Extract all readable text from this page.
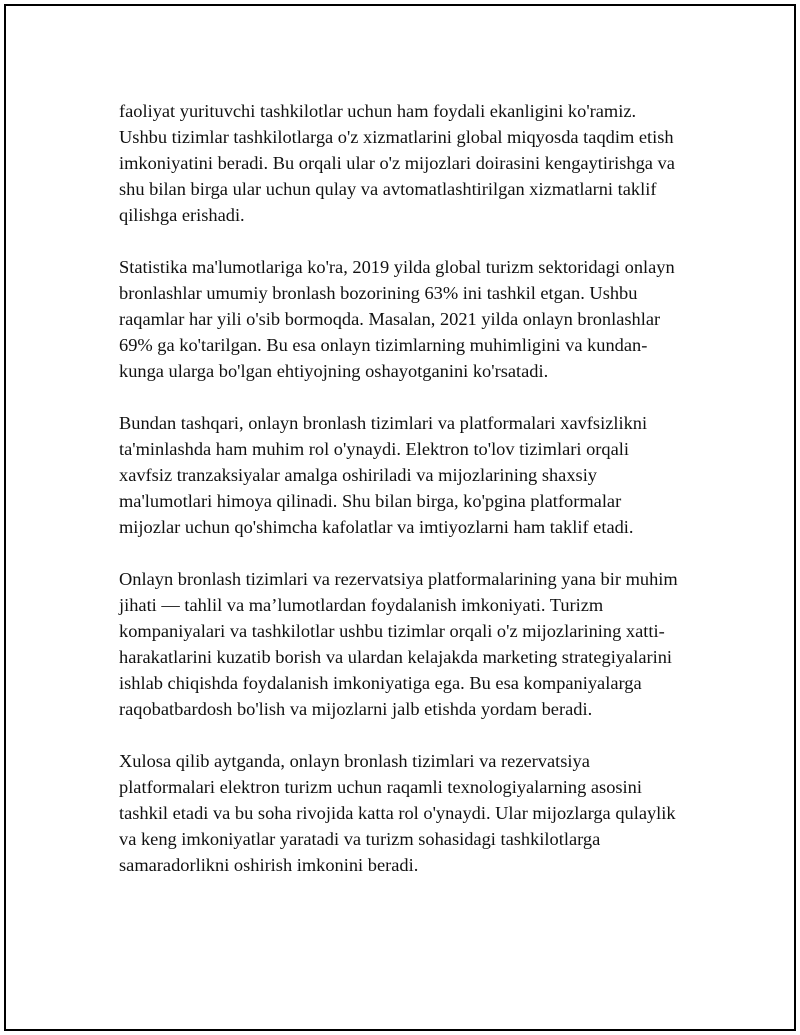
faoliyat yurituvchi tashkilotlar uchun ham foydali ekanligini ko'ramiz.
Ushbu tizimlar tashkilotlarga o'z xizmatlarini global miqyosda taqdim etish
imkoniyatini beradi. Bu orqali ular o'z mijozlari doirasini kengaytirishga va
shu bilan birga ular uchun qulay va avtomatlashtirilgan xizmatlarni taklif
qilishga erishadi.

Statistika ma'lumotlariga ko'ra, 2019 yilda global turizm sektoridagi onlayn
bronlashlar umumiy bronlash bozorining 63% ini tashkil etgan. Ushbu
raqamlar har yili o'sib bormoqda. Masalan, 2021 yilda onlayn bronlashlar
69% ga ko'tarilgan. Bu esa onlayn tizimlarning muhimligini va kundan-
kunga ularga bo'lgan ehtiyojning oshayotganini ko'rsatadi.

Bundan tashqari, onlayn bronlash tizimlari va platformalari xavfsizlikni
ta'minlashda ham muhim rol o'ynaydi. Elektron to'lov tizimlari orqali
xavfsiz tranzaksiyalar amalga oshiriladi va mijozlarining shaxsiy
ma'lumotlari himoya qilinadi. Shu bilan birga, ko'pgina platformalar
mijozlar uchun qo'shimcha kafolatlar va imtiyozlarni ham taklif etadi.

Onlayn bronlash tizimlari va rezervatsiya platformalarining yana bir muhim
jihati — tahlil va ma’lumotlardan foydalanish imkoniyati. Turizm
kompaniyalari va tashkilotlar ushbu tizimlar orqali o'z mijozlarining xatti-
harakatlarini kuzatib borish va ulardan kelajakda marketing strategiyalarini
ishlab chiqishda foydalanish imkoniyatiga ega. Bu esa kompaniyalarga
raqobatbardosh bo'lish va mijozlarni jalb etishda yordam beradi.

Xulosa qilib aytganda, onlayn bronlash tizimlari va rezervatsiya
platformalari elektron turizm uchun raqamli texnologiyalarning asosini
tashkil etadi va bu soha rivojida katta rol o'ynaydi. Ular mijozlarga qulaylik
va keng imkoniyatlar yaratadi va turizm sohasidagi tashkilotlarga
samaradorlikni oshirish imkonini beradi.
